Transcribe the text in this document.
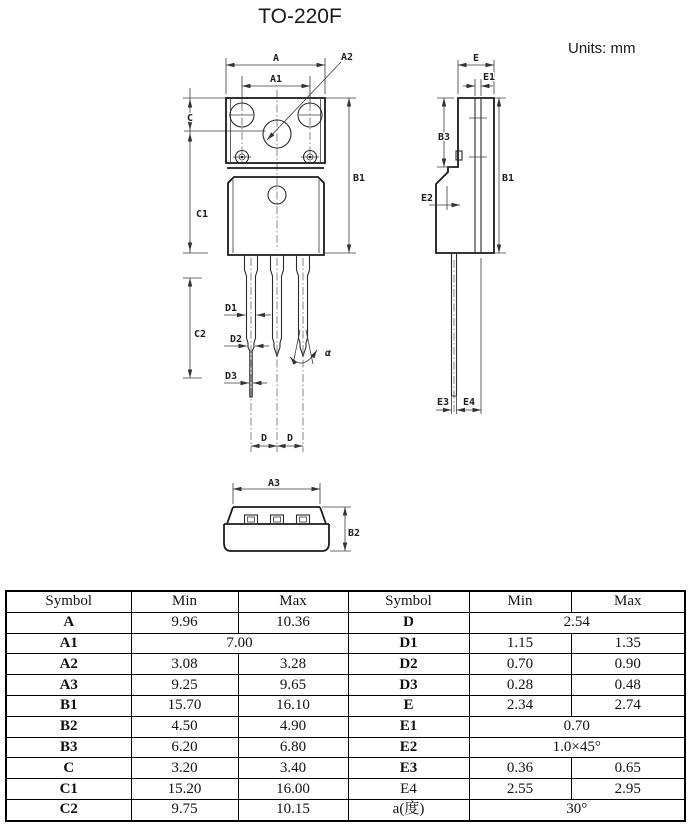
TO-220F
Units: mm
A
A1
A2
C
C1
B1
C2
D1
D2
D3
D D
α
E
E1
B3
B1
E2
E3 E4
A3
B2
Symbol	Min	Max	Symbol	Min	Max
A	9.96	10.36	D	2.54	
A1	7.00		D1	1.15	1.35
A2	3.08	3.28	D2	0.70	0.90
A3	9.25	9.65	D3	0.28	0.48
B1	15.70	16.10	E	2.34	2.74
B2	4.50	4.90	E1	0.70	
B3	6.20	6.80	E2	1.0×45°	
C	3.20	3.40	E3	0.36	0.65
C1	15.20	16.00	E4	2.55	2.95
C2	9.75	10.15	a(度)	30°	
